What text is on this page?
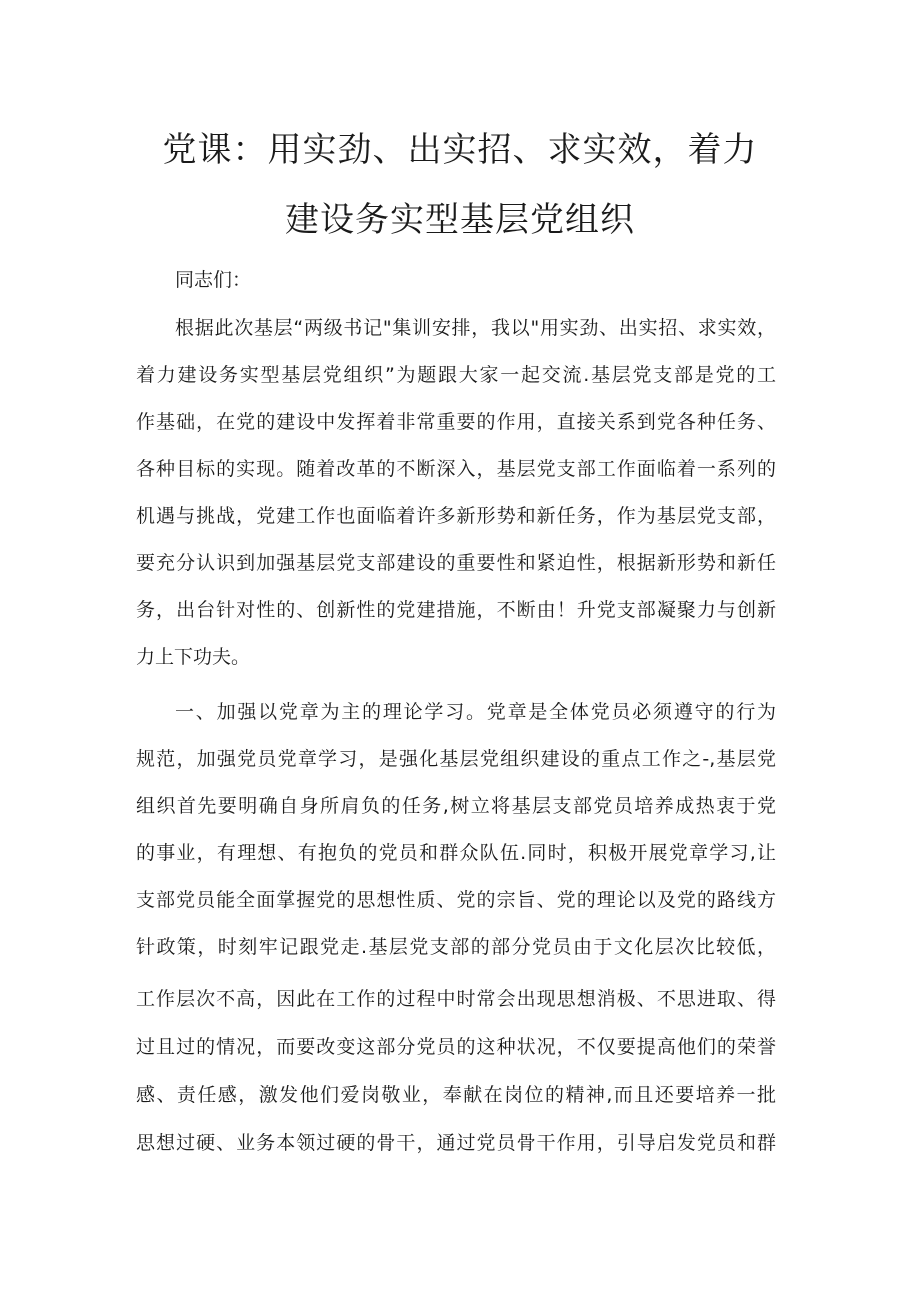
党课：用实劲、出实招、求实效，着力
建设务实型基层党组织
同志们：
根据此次基层“两级书记"集训安排，我以"用实劲、出实招、求实效，
着力建设务实型基层党组织”为题跟大家一起交流.基层党支部是党的工
作基础，在党的建设中发挥着非常重要的作用，直接关系到党各种任务、
各种目标的实现。随着改革的不断深入，基层党支部工作面临着一系列的
机遇与挑战，党建工作也面临着许多新形势和新任务，作为基层党支部，
要充分认识到加强基层党支部建设的重要性和紧迫性，根据新形势和新任
务，出台针对性的、创新性的党建措施，不断由！升党支部凝聚力与创新
力上下功夫。
一、加强以党章为主的理论学习。党章是全体党员必须遵守的行为
规范，加强党员党章学习，是强化基层党组织建设的重点工作之-,基层党
组织首先要明确自身所肩负的任务,树立将基层支部党员培养成热衷于党
的事业，有理想、有抱负的党员和群众队伍.同时，积极开展党章学习,让
支部党员能全面掌握党的思想性质、党的宗旨、党的理论以及党的路线方
针政策，时刻牢记跟党走.基层党支部的部分党员由于文化层次比较低，
工作层次不高，因此在工作的过程中时常会出现思想消极、不思进取、得
过且过的情况，而要改变这部分党员的这种状况，不仅要提高他们的荣誉
感、责任感，激发他们爱岗敬业，奉献在岗位的精神,而且还要培养一批
思想过硬、业务本领过硬的骨干，通过党员骨干作用，引导启发党员和群
